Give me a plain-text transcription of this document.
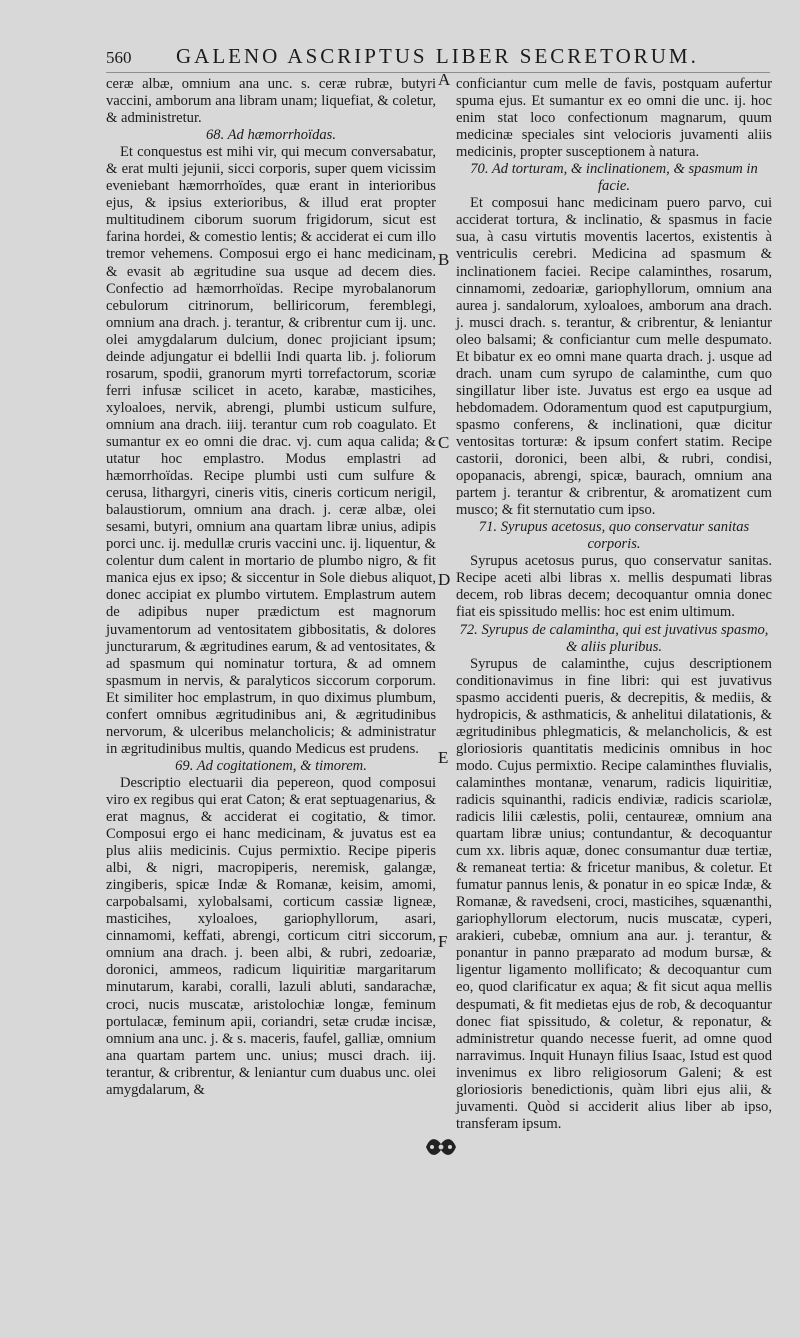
560 GALENO ASCRIPTUS LIBER SECRETORUM.

ceræ albæ, omnium ana unc. s. ceræ rubræ, butyri vaccini, amborum ana libram unam; liquefiat, & coletur, & administretur.

68. Ad hæmorrhoïdas.

Et conquestus est mihi vir, qui mecum conversabatur, & erat multi jejunii, sicci corporis, super quem vicissim eveniebant hæmorrhoïdes, quæ erant in interioribus ejus, & ipsius exterioribus, & illud erat propter multitudinem ciborum suorum frigidorum, sicut est farina hordei, & comestio lentis; & acciderat ei cum illo tremor vehemens. Composui ergo ei hanc medicinam, & evasit ab ægritudine sua usque ad decem dies. Confectio ad hæmorrhoïdas. Recipe myrobalanorum cebulorum citrinorum, belliricorum, feremblegi, omnium ana drach. j. terantur, & cribrentur cum ij. unc. olei amygdalarum dulcium, donec projiciant ipsum; deinde adjungatur ei bdellii Indi quarta lib. j. foliorum rosarum, spodii, granorum myrti torrefactorum, scoriæ ferri infusæ scilicet in aceto, karabæ, masticihes, xyloaloes, nervik, abrengi, plumbi usticum sulfure, omnium ana drach. iiij. terantur cum rob coagulato. Et sumantur ex eo omni die drac. vj. cum aqua calida; & utatur hoc emplastro. Modus emplastri ad hæmorrhoïdas. Recipe plumbi usti cum sulfure & cerusa, lithargyri, cineris vitis, cineris corticum nerigil, balaustiorum, omnium ana drach. j. ceræ albæ, olei sesami, butyri, omnium ana quartam libræ unius, adipis porci unc. ij. medullæ cruris vaccini unc. ij. liquentur, & colentur dum calent in mortario de plumbo nigro, & fit manica ejus ex ipso; & siccentur in Sole diebus aliquot, donec accipiat ex plumbo virtutem. Emplastrum autem de adipibus nuper prædictum est magnorum juvamentorum ad ventositatem gibbositatis, & dolores juncturarum, & ægritudines earum, & ad ventositates, & ad spasmum qui nominatur tortura, & ad omnem spasmum in nervis, & paralyticos siccorum corporum. Et similiter hoc emplastrum, in quo diximus plumbum, confert omnibus ægritudinibus ani, & ægritudinibus nervorum, & ulceribus melancholicis; & administratur in ægritudinibus multis, quando Medicus est prudens.

69. Ad cogitationem, & timorem.

Descriptio electuarii dia pepereon, quod composui viro ex regibus qui erat Caton; & erat septuagenarius, & erat magnus, & acciderat ei cogitatio, & timor. Composui ergo ei hanc medicinam, & juvatus est ea plus aliis medicinis. Cujus permixtio. Recipe piperis albi, & nigri, macropiperis, neremisk, galangæ, zingiberis, spicæ Indæ & Romanæ, keisim, amomi, carpobalsami, xylobalsami, corticum cassiæ ligneæ, masticihes, xyloaloes, gariophyllorum, asari, cinnamomi, keffati, abrengi, corticum citri siccorum, omnium ana drach. j. been albi, & rubri, zedoariæ, doronici, ammeos, radicum liquiritiæ margaritarum minutarum, karabi, coralli, lazuli abluti, sandarachæ, croci, nucis muscatæ, aristolochiæ longæ, feminum portulacæ, feminum apii, coriandri, setæ crudæ incisæ, omnium ana unc. j. & s. maceris, faufel, galliæ, omnium ana quartam partem unc. unius; musci drach. iij. terantur, & cribrentur, & leniantur cum duabus unc. olei amygdalarum, &

conficiantur cum melle de favis, postquam aufertur spuma ejus. Et sumantur ex eo omni die unc. ij. hoc enim stat loco confectionum magnarum, quum medicinæ speciales sint velocioris juvamenti aliis medicinis, propter susceptionem à natura.

70. Ad torturam, & inclinationem, & spasmum in facie.

Et composui hanc medicinam puero parvo, cui acciderat tortura, & inclinatio, & spasmus in facie sua, à casu virtutis moventis lacertos, existentis à ventriculis cerebri. Medicina ad spasmum & inclinationem faciei. Recipe calaminthes, rosarum, cinnamomi, zedoariæ, gariophyllorum, omnium ana aurea j. sandalorum, xyloaloes, amborum ana drach. j. musci drach. s. terantur, & cribrentur, & leniantur oleo balsami; & conficiantur cum melle despumato. Et bibatur ex eo omni mane quarta drach. j. usque ad drach. unam cum syrupo de calaminthe, cum quo singillatur liber iste. Juvatus est ergo ea usque ad hebdomadem. Odoramentum quod est caputpurgium, spasmo conferens, & inclinationi, quæ dicitur ventositas torturæ: & ipsum confert statim. Recipe castorii, doronici, been albi, & rubri, condisi, opopanacis, abrengi, spicæ, baurach, omnium ana partem j. terantur & cribrentur, & aromatizent cum musco; & fit sternutatio cum ipso.

71. Syrupus acetosus, quo conservatur sanitas corporis.

Syrupus acetosus purus, quo conservatur sanitas. Recipe aceti albi libras x. mellis despumati libras decem, rob libras decem; decoquantur omnia donec fiat eis spissitudo mellis: hoc est enim ultimum.

72. Syrupus de calamintha, qui est juvativus spasmo, & aliis pluribus.

Syrupus de calaminthe, cujus descriptionem conditionavimus in fine libri: qui est juvativus spasmo accidenti pueris, & decrepitis, & mediis, & hydropicis, & asthmaticis, & anhelitui dilatationis, & ægritudinibus phlegmaticis, & melancholicis, & est gloriosioris quantitatis medicinis omnibus in hoc modo. Cujus permixtio. Recipe calaminthes fluvialis, calaminthes montanæ, venarum, radicis liquiritiæ, radicis squinanthi, radicis endiviæ, radicis scariolæ, radicis lilii cælestis, polii, centaureæ, omnium ana quartam libræ unius; contundantur, & decoquantur cum xx. libris aquæ, donec consumantur duæ tertiæ, & remaneat tertia: & fricetur manibus, & coletur. Et fumatur pannus lenis, & ponatur in eo spicæ Indæ, & Romanæ, & ravedseni, croci, masticihes, squænanthi, gariophyllorum electorum, nucis muscatæ, cyperi, arakieri, cubebæ, omnium ana aur. j. terantur, & ponantur in panno præparato ad modum bursæ, & ligentur ligamento mollificato; & decoquantur cum eo, quod clarificatur ex aqua; & fit sicut aqua mellis despumati, & fit medietas ejus de rob, & decoquantur donec fiat spissitudo, & coletur, & reponatur, & administretur quando necesse fuerit, ad omne quod narravimus. Inquit Hunayn filius Isaac, Istud est quod invenimus ex libro religiosorum Galeni; & est gloriosioris benedictionis, quàm libri ejus alii, & juvamenti. Quòd si acciderit alius liber ab ipso, transferam ipsum.

A
B
C
D
E
F
